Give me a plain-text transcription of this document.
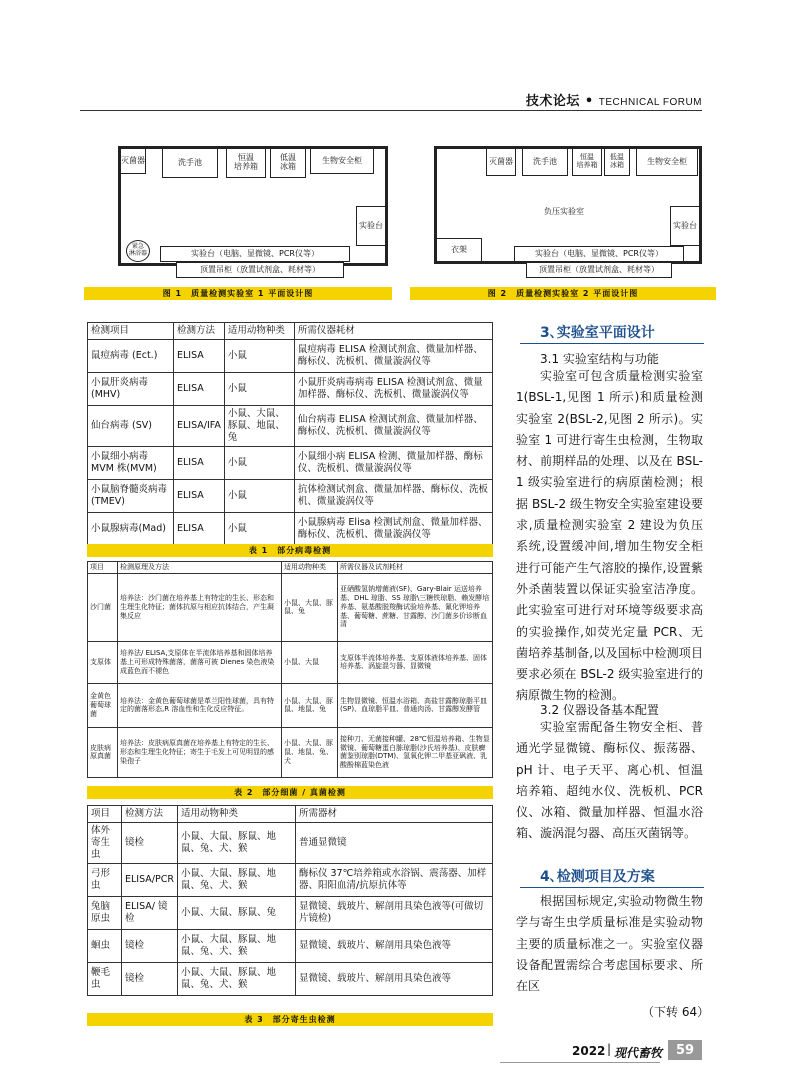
技术论坛 • TECHNICAL FORUM
灭菌器	洗手池	恒温
培养箱
低温
冰箱
生物安全柜
实验台
紧急
淋浴器	实验台（电脑、显微镜、PCR仪等）
顶置吊柜（放置试剂盒、耗材等）
图 1　质量检测实验室 1 平面设计图
灭菌器	洗手池	恒温
培养箱
低温
冰箱	生物安全柜
负压实验室
实验台
衣架	实验台（电脑、显微镜、PCR仪等）
顶置吊柜（放置试剂盒、耗材等）
图 2　质量检测实验室 2 平面设计图
检测项目	检测方法	适用动物种类	所需仪器耗材
鼠痘病毒 (Ect.)	ELISA	小鼠	鼠痘病毒 ELISA 检测试剂盒、微量加样器、酶标仪、洗板机、微量漩涡仪等
小鼠肝炎病毒 (MHV)	ELISA	小鼠	小鼠肝炎病毒病毒 ELISA 检测试剂盒、微量加样器、酶标仪、洗板机、微量漩涡仪等
仙台病毒 (SV)	ELISA/IFA	小鼠、大鼠、豚鼠、地鼠、兔	仙台病毒 ELISA 检测试剂盒、微量加样器、酶标仪、洗板机、微量漩涡仪等
小鼠细小病毒 MVM 株(MVM)	ELISA	小鼠	小鼠细小病 ELISA 检测、微量加样器、酶标仪、洗板机、微量漩涡仪等
小鼠脑脊髓炎病毒 (TMEV)	ELISA	小鼠	抗体检测试剂盒、微量加样器、酶标仪、洗板机、微量漩涡仪等
小鼠腺病毒(Mad)	ELISA	小鼠	小鼠腺病毒 Elisa 检测试剂盒、微量加样器、酶标仪、洗板机、微量漩涡仪等
表 1　部分病毒检测
项目	检测原理及方法	适用动物种类	所需仪器及试剂耗材
沙门菌	培养法：沙门菌在培养基上有特定的生长、形态和生理生化特征；菌体抗原与相应抗体结合，产生凝集反应	小鼠、大鼠、豚鼠、兔	亚硒酸氢钠增菌液(SF)、Gary-Blair 运送培养基、DHL 琼脂、SS 琼脂\三糖铁琼脂、赖发酵培养基、氨基酸脱羧酶试验培养基、氰化钾培养基、葡萄糖、蔗糖、甘露醇、沙门菌多价诊断血清
支原体	培养法/ ELISA,支原体在半流体培养基和固体培养基上可形成特殊菌落，菌落可被 Dienes 染色液染成蓝色而不褪色	小鼠、大鼠	支原体半流体培养基、支原体液体培养基、固体培养基、涡旋混匀器、显微镜
金黄色葡萄球菌	培养法：金黄色葡萄球菌是革兰阳性球菌，具有特定的菌落形态,R 溶血性和生化反应特征。	小鼠、大鼠、豚鼠、地鼠、兔	生物显微镜、恒温水浴箱、高盐甘露醇琼脂平皿(SP)、血琼脂平皿、普通肉汤、甘露醇发酵管
皮肤病原真菌	培养法：皮肤病原真菌在培养基上有特定的生长、形态和生理生化特征；寄生于毛发上可见明显的感染孢子	小鼠、大鼠、豚鼠、地鼠、兔、犬	接种刀、无菌接种罐、28℃恒温培养箱、生物显微镜、葡萄糖蛋白胨琼脂(沙氏培养基)、皮肤癣菌鉴别琼脂(DTM)、氢氧化钾二甲基亚砜液、乳酸酚棉蓝染色液
表 2　部分细菌 / 真菌检测
项目	检测方法	适用动物种类	所需器材
体外寄生虫	镜检	小鼠、大鼠、豚鼠、地鼠、兔、犬、猴	普通显微镜
弓形虫	ELISA/PCR	小鼠、大鼠、豚鼠、地鼠、兔、犬、猴	酶标仪 37℃培养箱或水浴锅、震荡器、加样器、阳阳血清/抗原抗体等
兔脑原虫	ELISA/ 镜检	小鼠、大鼠、豚鼠、兔	显微镜、载玻片、解剖用具染色液等(可做切片镜检)
蛔虫	镜检	小鼠、大鼠、豚鼠、地鼠、兔、犬、猴	显微镜、载玻片、解剖用具染色液等
鞭毛虫	镜检	小鼠、大鼠、豚鼠、地鼠、兔、犬、猴	显微镜、载玻片、解剖用具染色液等
表 3　部分寄生虫检测
3､实验室平面设计
3.1 实验室结构与功能
实验室可包含质量检测实验室1(BSL-1,见图 1 所示)和质量检测实验室 2(BSL-2,见图 2 所示)。实验室 1 可进行寄生虫检测，生物取材、前期样品的处理、以及在 BSL-1 级实验室进行的病原菌检测；根据 BSL-2 级生物安全实验室建设要求,质量检测实验室 2 建设为负压系统,设置缓冲间,增加生物安全柜进行可能产生气溶胶的操作,设置紫外杀菌装置以保证实验室洁净度。此实验室可进行对环境等级要求高的实验操作,如荧光定量 PCR、无菌培养基制备,以及国标中检测项目要求必须在 BSL-2 级实验室进行的病原微生物的检测。
3.2 仪器设备基本配置
实验室需配备生物安全柜、普通光学显微镜、酶标仪、振荡器、pH 计、电子天平、离心机、恒温培养箱、超纯水仪、洗板机、PCR 仪、冰箱、微量加样器、恒温水浴箱、漩涡混匀器、高压灭菌锅等。
4､检测项目及方案
根据国标规定,实验动物微生物学与寄生虫学质量标准是实验动物主要的质量标准之一。实验室仪器设备配置需综合考虑国标要求、所在区
（下转 64）
2022 | 现代畜牧	59
